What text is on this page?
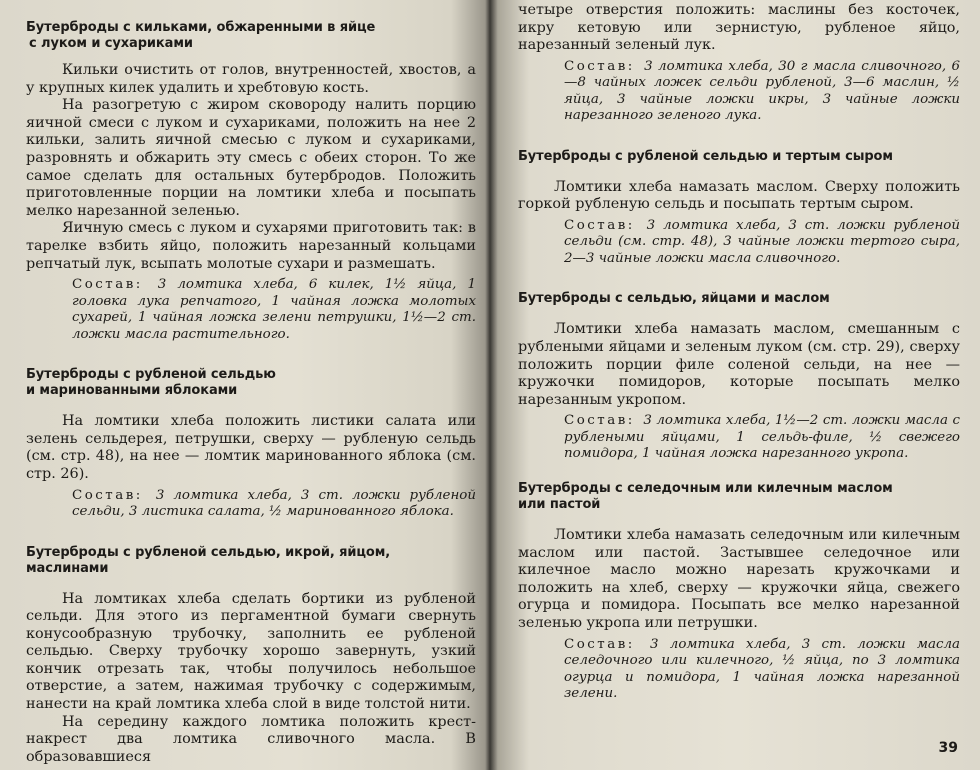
Бутерброды с кильками, обжаренными в яйце
с луком и сухариками

Кильки очистить от голов, внутренностей, хвостов, а у крупных килек удалить и хребтовую кость.

На разогретую с жиром сковороду налить порцию яичной смеси с луком и сухариками, положить на нее 2 кильки, залить яичной смесью с луком и сухариками, разровнять и обжарить эту смесь с обеих сторон. То же самое сделать для остальных бутербродов. Положить приготовленные порции на ломтики хлеба и посыпать мелко нарезанной зеленью.

Яичную смесь с луком и сухарями приготовить так: в тарелке взбить яйцо, положить нарезанный кольцами репчатый лук, всыпать молотые сухари и размешать.

Состав: 3 ломтика хлеба, 6 килек, 1½ яйца, 1 головка лука репчатого, 1 чайная ложка молотых сухарей, 1 чайная ложка зелени петрушки, 1½—2 ст. ложки масла растительного.

Бутерброды с рубленой сельдью
и маринованными яблоками

На ломтики хлеба положить листики салата или зелень сельдерея, петрушки, сверху — рубленую сельдь (см. стр. 48), на нее — ломтик маринованного яблока (см. стр. 26).

Состав: 3 ломтика хлеба, 3 ст. ложки рубленой сельди, 3 листика салата, ½ маринованного яблока.

Бутерброды с рубленой сельдью, икрой, яйцом,
маслинами

На ломтиках хлеба сделать бортики из рубленой сельди. Для этого из пергаментной бумаги свернуть конусообразную трубочку, заполнить ее рубленой сельдью. Сверху трубочку хорошо завернуть, узкий кончик отрезать так, чтобы получилось небольшое отверстие, а затем, нажимая трубочку с содержимым, нанести на край ломтика хлеба слой в виде толстой нити.

На середину каждого ломтика положить крест-накрест два ломтика сливочного масла. В образовавшиеся

четыре отверстия положить: маслины без косточек, икру кетовую или зернистую, рубленое яйцо, нарезанный зеленый лук.

Состав: 3 ломтика хлеба, 30 г масла сливочного, 6—8 чайных ложек сельди рубленой, 3—6 маслин, ½ яйца, 3 чайные ложки икры, 3 чайные ложки нарезанного зеленого лука.

Бутерброды с рубленой сельдью и тертым сыром

Ломтики хлеба намазать маслом. Сверху положить горкой рубленую сельдь и посыпать тертым сыром.

Состав: 3 ломтика хлеба, 3 ст. ложки рубленой сельди (см. стр. 48), 3 чайные ложки тертого сыра, 2—3 чайные ложки масла сливочного.

Бутерброды с сельдью, яйцами и маслом

Ломтики хлеба намазать маслом, смешанным с рублеными яйцами и зеленым луком (см. стр. 29), сверху положить порции филе соленой сельди, на нее — кружочки помидоров, которые посыпать мелко нарезанным укропом.

Состав: 3 ломтика хлеба, 1½—2 ст. ложки масла с рублеными яйцами, 1 сельдь-филе, ½ свежего помидора, 1 чайная ложка нарезанного укропа.

Бутерброды с селедочным или килечным маслом
или пастой

Ломтики хлеба намазать селедочным или килечным маслом или пастой. Застывшее селедочное или килечное масло можно нарезать кружочками и положить на хлеб, сверху — кружочки яйца, свежего огурца и помидора. Посыпать все мелко нарезанной зеленью укропа или петрушки.

Состав: 3 ломтика хлеба, 3 ст. ложки масла селедочного или килечного, ½ яйца, по 3 ломтика огурца и помидора, 1 чайная ложка нарезанной зелени.

39
